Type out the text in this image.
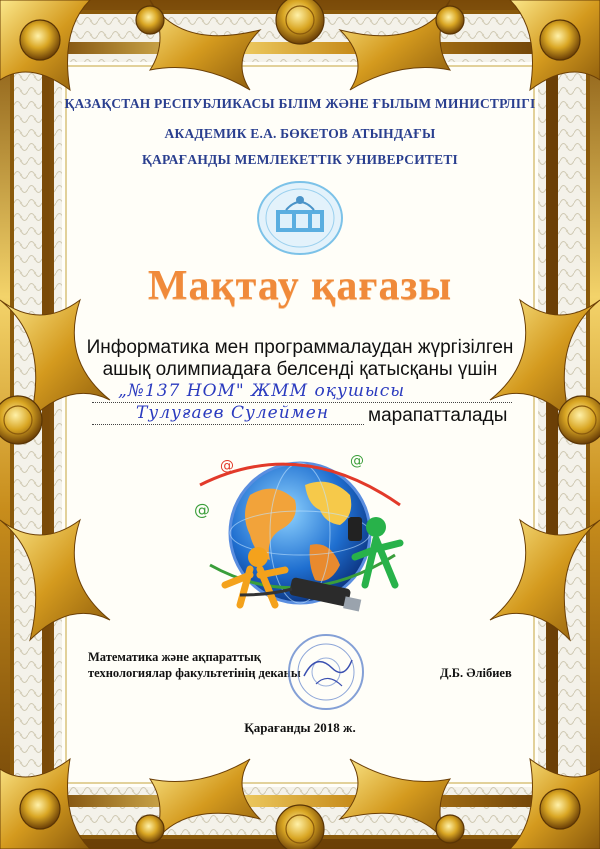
ҚАЗАҚСТАН РЕСПУБЛИКАСЫ БІЛІМ ЖӘНЕ ҒЫЛЫМ МИНИСТРЛІГІ
АКАДЕМИК Е.А. БӨКЕТОВ АТЫНДАҒЫ
ҚАРАҒАНДЫ МЕМЛЕКЕТТІК УНИВЕРСИТЕТІ
Мақтау қағазы
Информатика мен программалаудан жүргізілген
ашық олимпиадаға белсенді қатысқаны үшін
„№137 НОМ" ЖММ оқушысы
Тулуғаев Сулеймен	марапатталады
@
@	@
Математика және ақпараттық
технологиялар факультетінің деканы	Д.Б. Әлібиев
Қарағанды 2018 ж.
